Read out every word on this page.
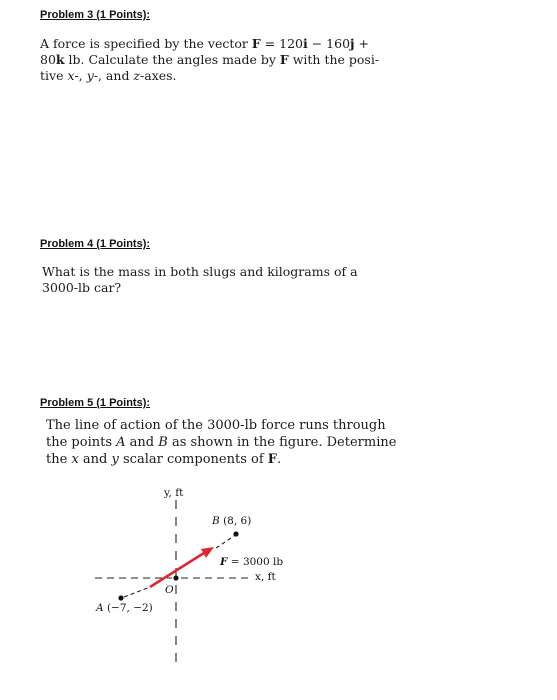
Problem 3 (1 Points):
A force is specified by the vector F = 120i − 160j +
80k lb. Calculate the angles made by F with the posi-
tive x-, y-, and z-axes.
Problem 4 (1 Points):
What is the mass in both slugs and kilograms of a
3000-lb car?
Problem 5 (1 Points):
The line of action of the 3000-lb force runs through
the points A and B as shown in the figure. Determine
the x and y scalar components of F.
y, ft
x, ft
O
B (8, 6)
A (−7, −2)
F = 3000 lb
